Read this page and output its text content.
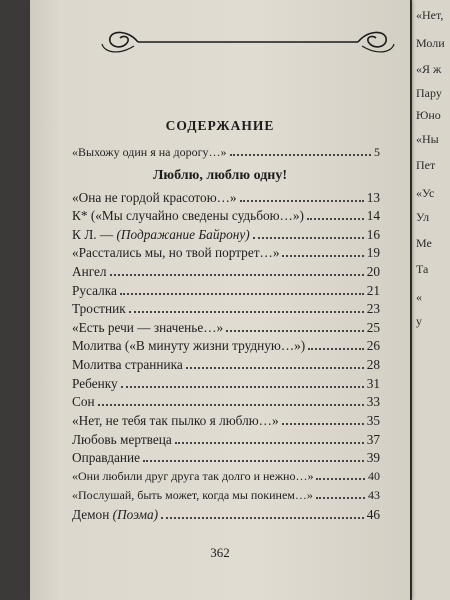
«Нет,
Моли
«Я ж
Пару
Юно
«Ны
Пет
«Ус
Ул
Ме
Та
«
у
СОДЕРЖАНИЕ
«Выхожу один я на дорогу…»	5
Люблю, люблю одну!
«Она не гордой красотою…»	13
К* («Мы случайно сведены судьбою…»)	14
К Л. — (Подражание Байрону)	16
«Расстались мы, но твой портрет…»	19
Ангел	20
Русалка	21
Тростник	23
«Есть речи — значенье…»	25
Молитва («В минуту жизни трудную…»)	26
Молитва странника	28
Ребенку	31
Сон	33
«Нет, не тебя так пылко я люблю…»	35
Любовь мертвеца	37
Оправдание	39
«Они любили друг друга так долго и нежно…»	40
«Послушай, быть может, когда мы покинем…»	43
Демон (Поэма)	46
362
